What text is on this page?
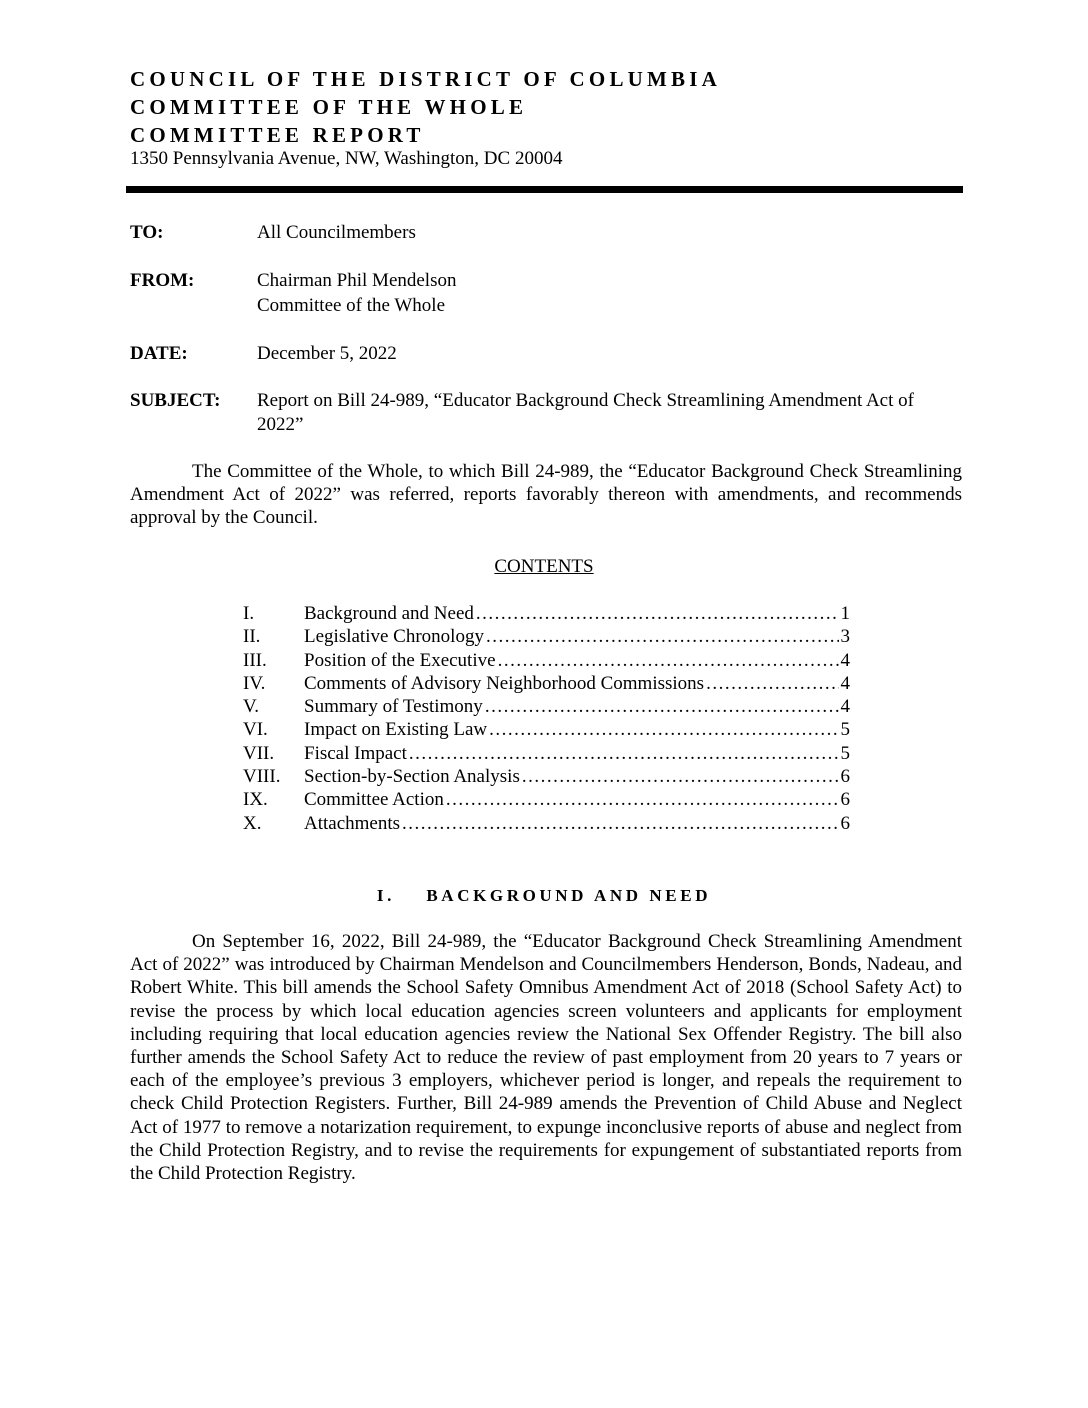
COUNCIL OF THE DISTRICT OF COLUMBIA
COMMITTEE OF THE WHOLE
COMMITTEE REPORT
1350 Pennsylvania Avenue, NW, Washington, DC 20004
TO:	All Councilmembers
FROM:	Chairman Phil Mendelson
Committee of the Whole
DATE:	December 5, 2022
SUBJECT: Report on Bill 24-989, “Educator Background Check Streamlining Amendment Act of 2022”
The Committee of the Whole, to which Bill 24-989, the “Educator Background Check Streamlining Amendment Act of 2022” was referred, reports favorably thereon with amendments, and recommends approval by the Council.
CONTENTS
I.	Background and Need .....	1
II. Legislative Chronology .....	3
III. Position of the Executive .....	4
IV. Comments of Advisory Neighborhood Commissions .....	4
V. Summary of Testimony .....	4
VI. Impact on Existing Law .....	5
VII. Fiscal Impact .....	5
VIII. Section-by-Section Analysis .....	6
IX. Committee Action .....	6
X. Attachments .....	6
I.    BACKGROUND AND NEED
On September 16, 2022, Bill 24-989, the “Educator Background Check Streamlining Amendment Act of 2022” was introduced by Chairman Mendelson and Councilmembers Henderson, Bonds, Nadeau, and Robert White. This bill amends the School Safety Omnibus Amendment Act of 2018 (School Safety Act) to revise the process by which local education agencies screen volunteers and applicants for employment including requiring that local education agencies review the National Sex Offender Registry. The bill also further amends the School Safety Act to reduce the review of past employment from 20 years to 7 years or each of the employee’s previous 3 employers, whichever period is longer, and repeals the requirement to check Child Protection Registers. Further, Bill 24-989 amends the Prevention of Child Abuse and Neglect Act of 1977 to remove a notarization requirement, to expunge inconclusive reports of abuse and neglect from the Child Protection Registry, and to revise the requirements for expungement of substantiated reports from the Child Protection Registry.
